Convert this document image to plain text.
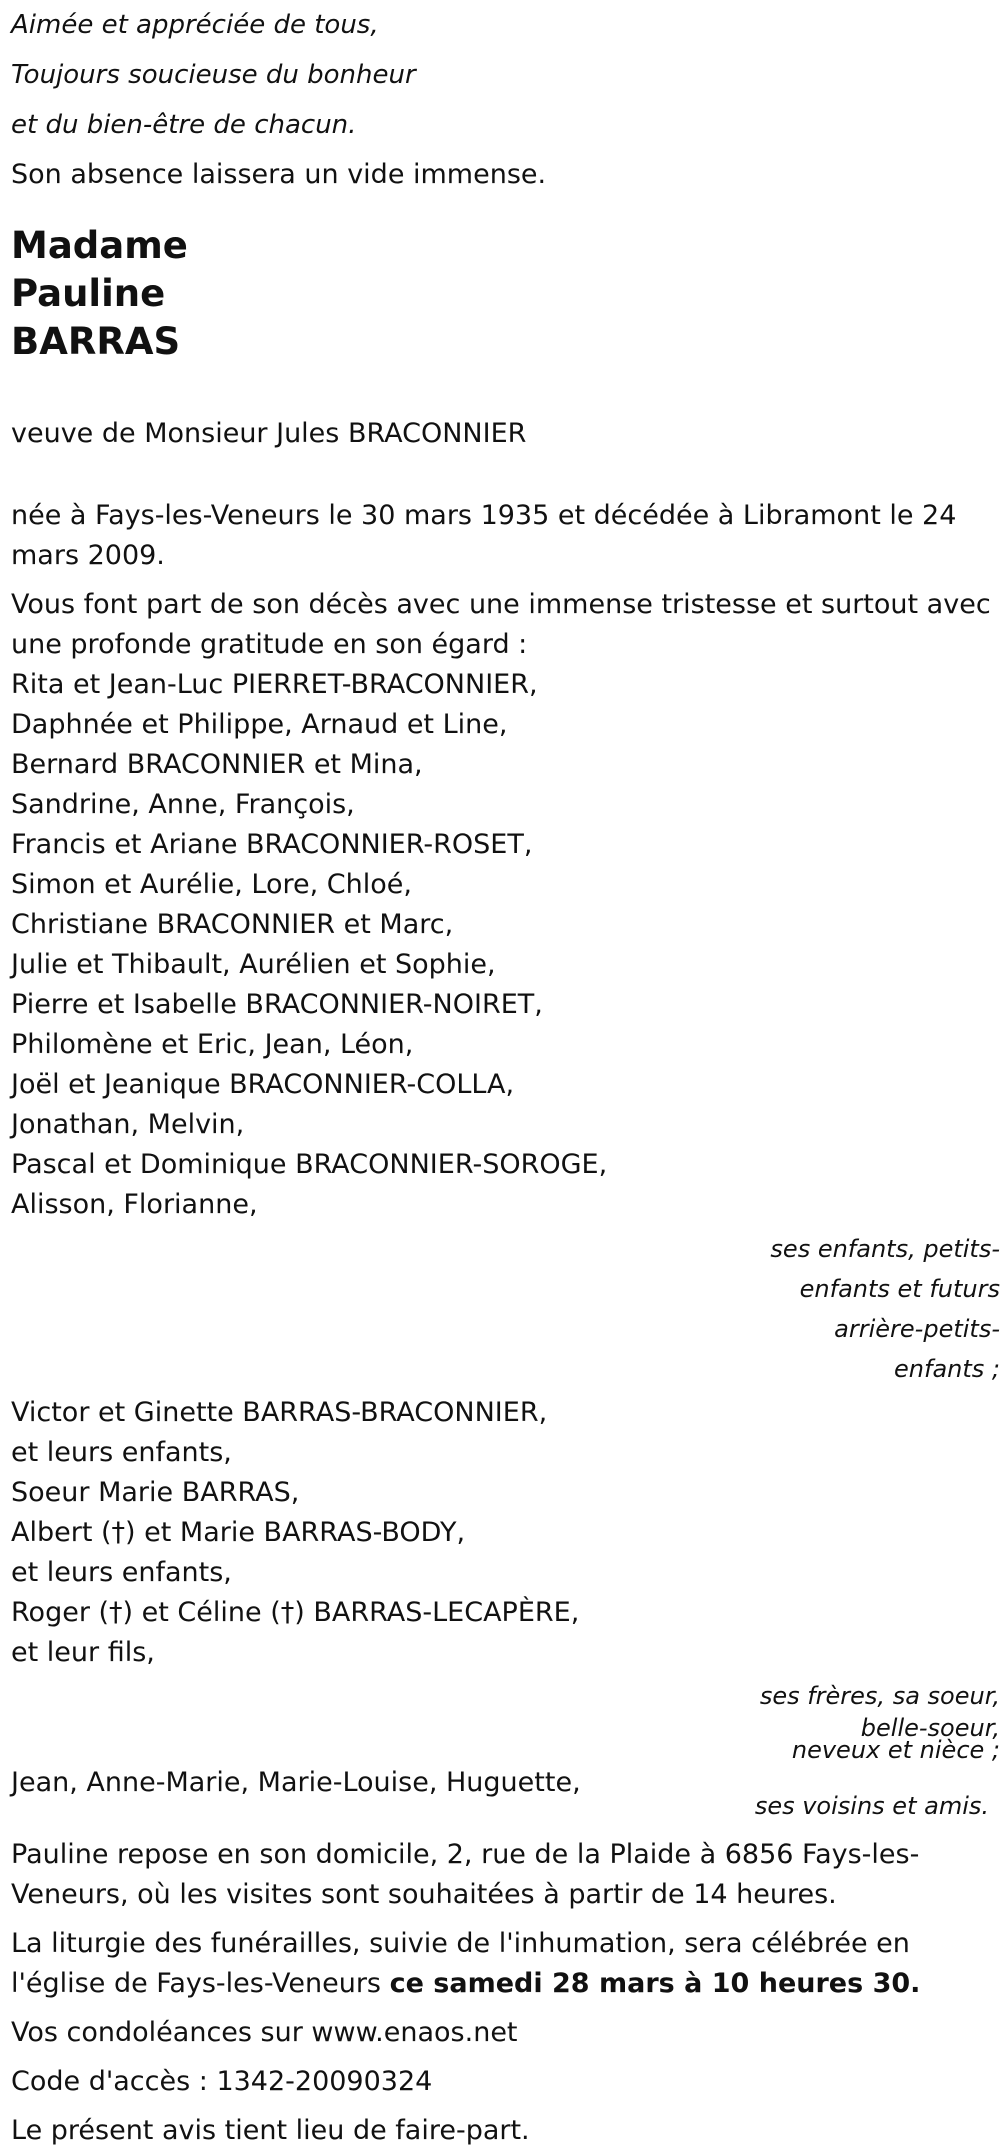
Aimée et appréciée de tous,
Toujours soucieuse du bonheur
et du bien-être de chacun.
Son absence laissera un vide immense.
Madame
Pauline
BARRAS
veuve de Monsieur Jules BRACONNIER
née à Fays-les-Veneurs le 30 mars 1935 et décédée à Libramont le 24 mars 2009.
Vous font part de son décès avec une immense tristesse et surtout avec une profonde gratitude en son égard :
Rita et Jean-Luc PIERRET-BRACONNIER,
Daphnée et Philippe, Arnaud et Line,
Bernard BRACONNIER et Mina,
Sandrine, Anne, François,
Francis et Ariane BRACONNIER-ROSET,
Simon et Aurélie, Lore, Chloé,
Christiane BRACONNIER et Marc,
Julie et Thibault, Aurélien et Sophie,
Pierre et Isabelle BRACONNIER-NOIRET,
Philomène et Eric, Jean, Léon,
Joël et Jeanique BRACONNIER-COLLA,
Jonathan, Melvin,
Pascal et Dominique BRACONNIER-SOROGE,
Alisson, Florianne,
ses enfants, petits-
enfants et futurs
arrière-petits-
enfants ;
Victor et Ginette BARRAS-BRACONNIER,
et leurs enfants,
Soeur Marie BARRAS,
Albert (†) et Marie BARRAS-BODY,
et leurs enfants,
Roger (†) et Céline (†) BARRAS-LECAPÈRE,
et leur fils,
ses frères, sa soeur,
belle-soeur,
neveux et nièce ;
Jean, Anne-Marie, Marie-Louise, Huguette,
ses voisins et amis.
Pauline repose en son domicile, 2, rue de la Plaide à 6856 Fays-les-Veneurs, où les visites sont souhaitées à partir de 14 heures.
La liturgie des funérailles, suivie de l'inhumation, sera célébrée en l'église de Fays-les-Veneurs ce samedi 28 mars à 10 heures 30.
Vos condoléances sur www.enaos.net
Code d'accès : 1342-20090324
Le présent avis tient lieu de faire-part.
